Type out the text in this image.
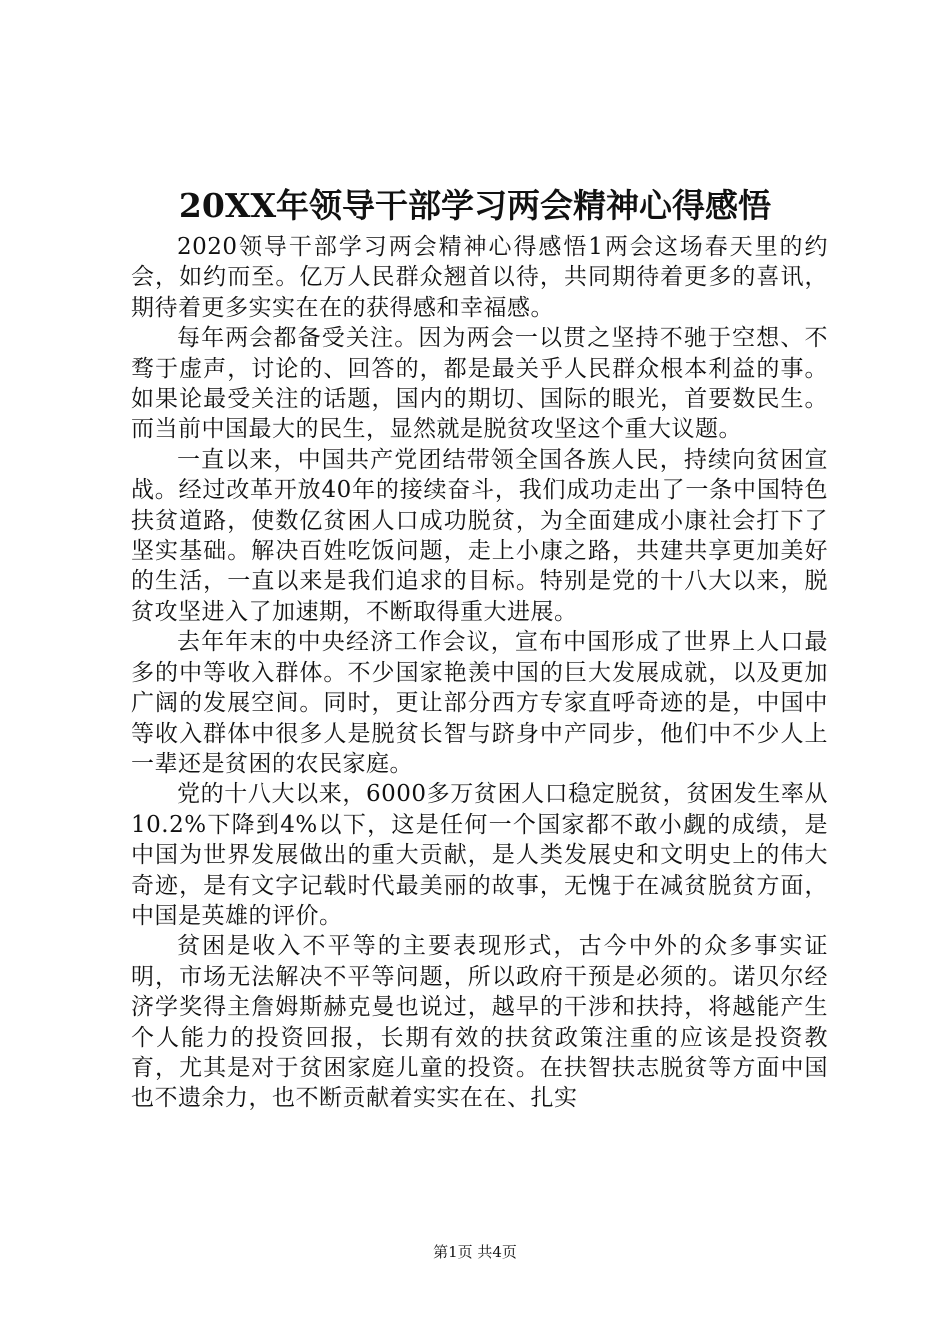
20XX年领导干部学习两会精神心得感悟

2020领导干部学习两会精神心得感悟1两会这场春天里的约会，如约而至。亿万人民群众翘首以待，共同期待着更多的喜讯，期待着更多实实在在的获得感和幸福感。

每年两会都备受关注。因为两会一以贯之坚持不驰于空想、不骛于虚声，讨论的、回答的，都是最关乎人民群众根本利益的事。如果论最受关注的话题，国内的期切、国际的眼光，首要数民生。而当前中国最大的民生，显然就是脱贫攻坚这个重大议题。

一直以来，中国共产党团结带领全国各族人民，持续向贫困宣战。经过改革开放40年的接续奋斗，我们成功走出了一条中国特色扶贫道路，使数亿贫困人口成功脱贫，为全面建成小康社会打下了坚实基础。解决百姓吃饭问题，走上小康之路，共建共享更加美好的生活，一直以来是我们追求的目标。特别是党的十八大以来，脱贫攻坚进入了加速期，不断取得重大进展。

去年年末的中央经济工作会议，宣布中国形成了世界上人口最多的中等收入群体。不少国家艳羡中国的巨大发展成就，以及更加广阔的发展空间。同时，更让部分西方专家直呼奇迹的是，中国中等收入群体中很多人是脱贫长智与跻身中产同步，他们中不少人上一辈还是贫困的农民家庭。

党的十八大以来，6000多万贫困人口稳定脱贫，贫困发生率从10.2%下降到4%以下，这是任何一个国家都不敢小觑的成绩，是中国为世界发展做出的重大贡献，是人类发展史和文明史上的伟大奇迹，是有文字记载时代最美丽的故事，无愧于在减贫脱贫方面，中国是英雄的评价。

贫困是收入不平等的主要表现形式，古今中外的众多事实证明，市场无法解决不平等问题，所以政府干预是必须的。诺贝尔经济学奖得主詹姆斯赫克曼也说过，越早的干涉和扶持，将越能产生个人能力的投资回报，长期有效的扶贫政策注重的应该是投资教育，尤其是对于贫困家庭儿童的投资。在扶智扶志脱贫等方面中国也不遗余力，也不断贡献着实实在在、扎实

第1页 共4页
